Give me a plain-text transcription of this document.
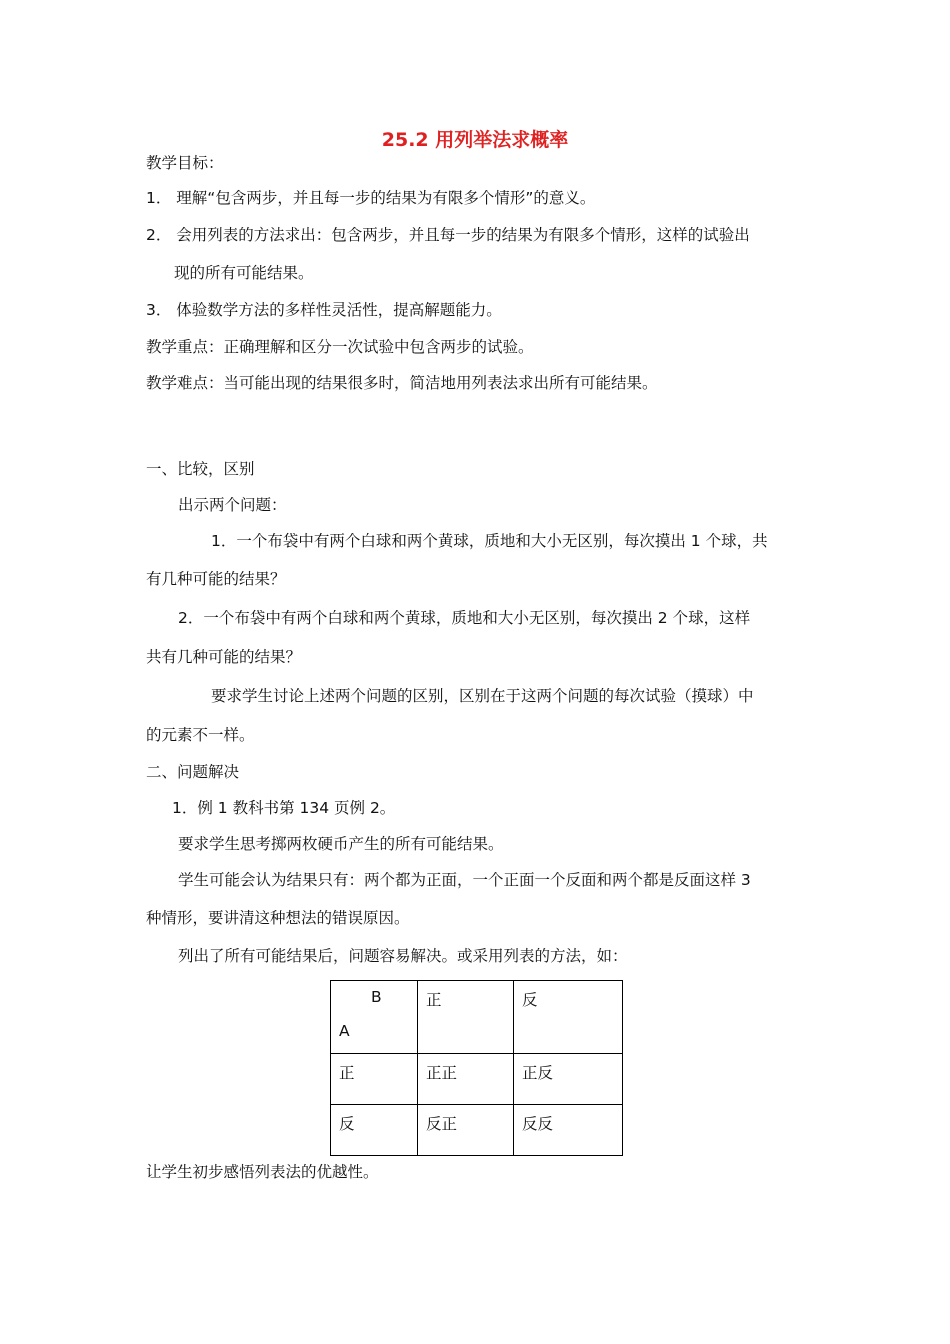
25.2 用列举法求概率
教学目标：
1． 理解“包含两步，并且每一步的结果为有限多个情形”的意义。
2． 会用列表的方法求出：包含两步，并且每一步的结果为有限多个情形，这样的试验出
现的所有可能结果。
3． 体验数学方法的多样性灵活性，提高解题能力。
教学重点：正确理解和区分一次试验中包含两步的试验。
教学难点：当可能出现的结果很多时，简洁地用列表法求出所有可能结果。
一、比较，区别
出示两个问题：
1．一个布袋中有两个白球和两个黄球，质地和大小无区别，每次摸出 1 个球，共
有几种可能的结果？
2．一个布袋中有两个白球和两个黄球，质地和大小无区别，每次摸出 2 个球，这样
共有几种可能的结果？
要求学生讨论上述两个问题的区别，区别在于这两个问题的每次试验（摸球）中
的元素不一样。
二、问题解决
1．例 1 教科书第 134 页例 2。
要求学生思考掷两枚硬币产生的所有可能结果。
学生可能会认为结果只有：两个都为正面，一个正面一个反面和两个都是反面这样 3
种情形，要讲清这种想法的错误原因。
列出了所有可能结果后，问题容易解决。或采用列表的方法，如：
B
A	正	反

正	正正	正反

反	反正	反反
让学生初步感悟列表法的优越性。
